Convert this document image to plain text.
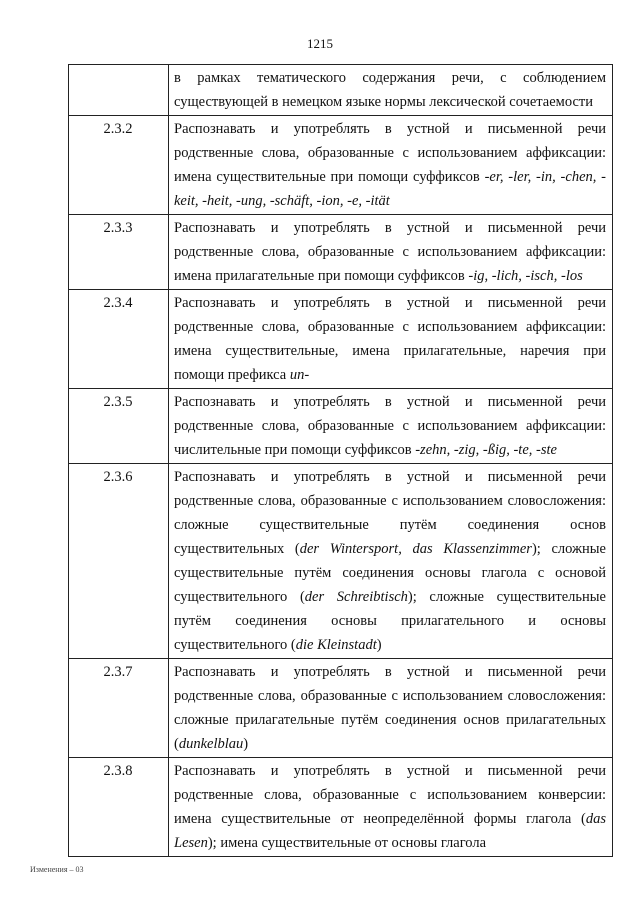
1215
	в рамках тематического содержания речи, с соблюдением существующей в немецком языке нормы лексической сочетаемости
2.3.2	Распознавать и употреблять в устной и письменной речи родственные слова, образованные с использованием аффиксации: имена существительные при помощи суффиксов -er, -ler, -in, -chen, -keit, -heit, -ung, -schäft, -ion, -e, -ität
2.3.3	Распознавать и употреблять в устной и письменной речи родственные слова, образованные с использованием аффиксации: имена прилагательные при помощи суффиксов -ig, -lich, -isch, -los
2.3.4	Распознавать и употреблять в устной и письменной речи родственные слова, образованные с использованием аффиксации: имена существительные, имена прилагательные, наречия при помощи префикса un-
2.3.5	Распознавать и употреблять в устной и письменной речи родственные слова, образованные с использованием аффиксации: числительные при помощи суффиксов -zehn, -zig, -ßig, -te, -ste
2.3.6	Распознавать и употреблять в устной и письменной речи родственные слова, образованные с использованием словосложения: сложные существительные путём соединения основ существительных (der Wintersport, das Klassenzimmer); сложные существительные путём соединения основы глагола с основой существительного (der Schreibtisch); сложные существительные путём соединения основы прилагательного и основы существительного (die Kleinstadt)
2.3.7	Распознавать и употреблять в устной и письменной речи родственные слова, образованные с использованием словосложения: сложные прилагательные путём соединения основ прилагательных (dunkelblau)
2.3.8	Распознавать и употреблять в устной и письменной речи родственные слова, образованные с использованием конверсии: имена существительные от неопределённой формы глагола (das Lesen); имена существительные от основы глагола
Изменения – 03
